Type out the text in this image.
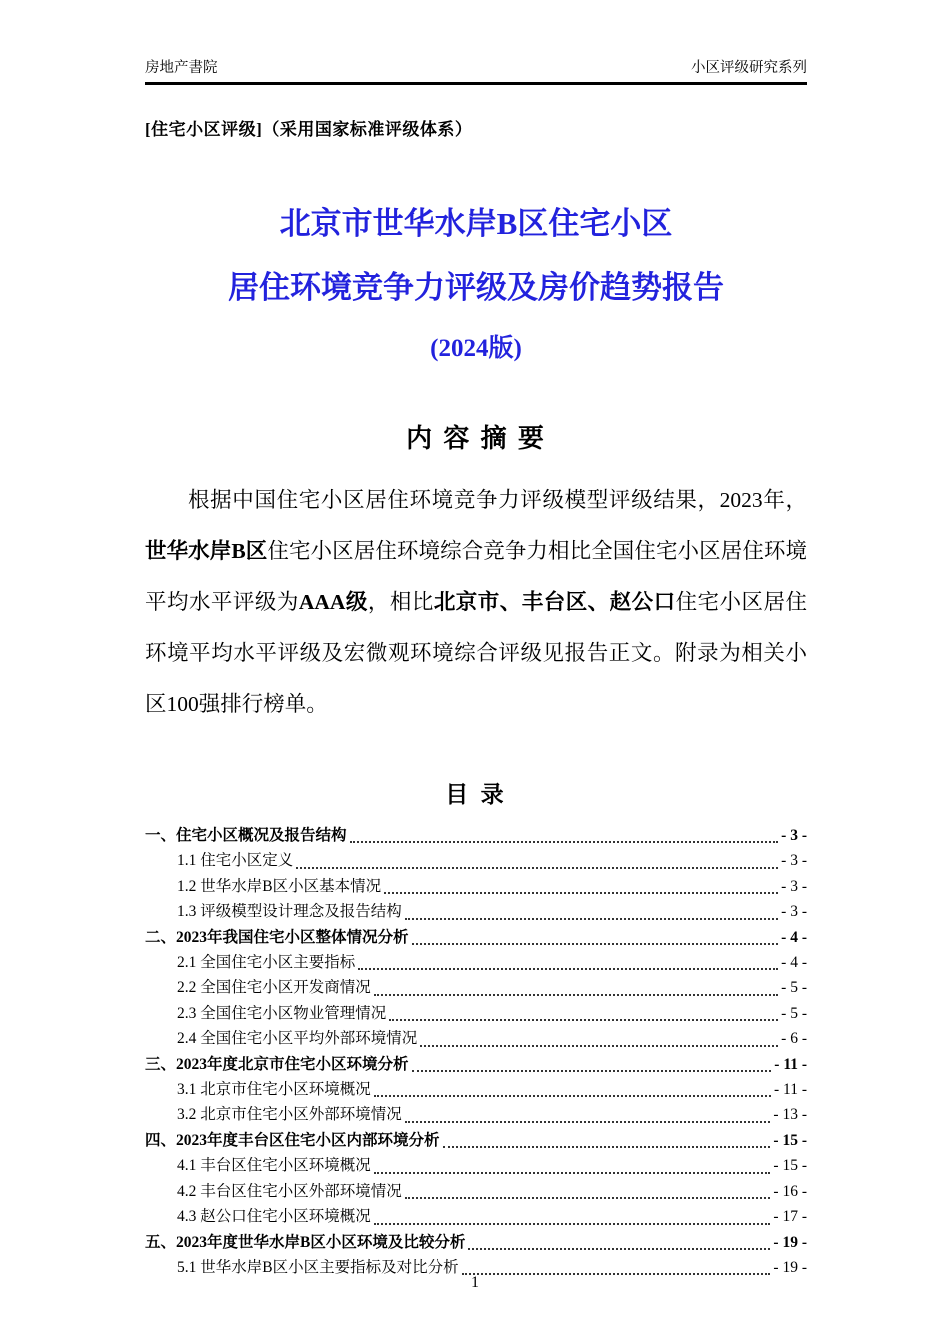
房地产書院	小区评级研究系列
[住宅小区评级]（采用国家标准评级体系）
北京市世华水岸B区住宅小区
居住环境竞争力评级及房价趋势报告
(2024版)
内 容 摘 要

根据中国住宅小区居住环境竞争力评级模型评级结果，2023年，世华水岸B区住宅小区居住环境综合竞争力相比全国住宅小区居住环境平均水平评级为AAA级，相比北京市、丰台区、赵公口住宅小区居住环境平均水平评级及宏微观环境综合评级见报告正文。附录为相关小区100强排行榜单。

目 录
一、住宅小区概况及报告结构	- 3 -
1.1 住宅小区定义	- 3 -
1.2 世华水岸B区小区基本情况	- 3 -
1.3 评级模型设计理念及报告结构	- 3 -
二、2023年我国住宅小区整体情况分析	- 4 -
2.1 全国住宅小区主要指标	- 4 -
2.2 全国住宅小区开发商情况	- 5 -
2.3 全国住宅小区物业管理情况	- 5 -
2.4 全国住宅小区平均外部环境情况	- 6 -
三、2023年度北京市住宅小区环境分析	- 11 -
3.1 北京市住宅小区环境概况	- 11 -
3.2 北京市住宅小区外部环境情况	- 13 -
四、2023年度丰台区住宅小区内部环境分析	- 15 -
4.1 丰台区住宅小区环境概况	- 15 -
4.2 丰台区住宅小区外部环境情况	- 16 -
4.3 赵公口住宅小区环境概况	- 17 -
五、2023年度世华水岸B区小区环境及比较分析	- 19 -
5.1 世华水岸B区小区主要指标及对比分析	- 19 -
1
